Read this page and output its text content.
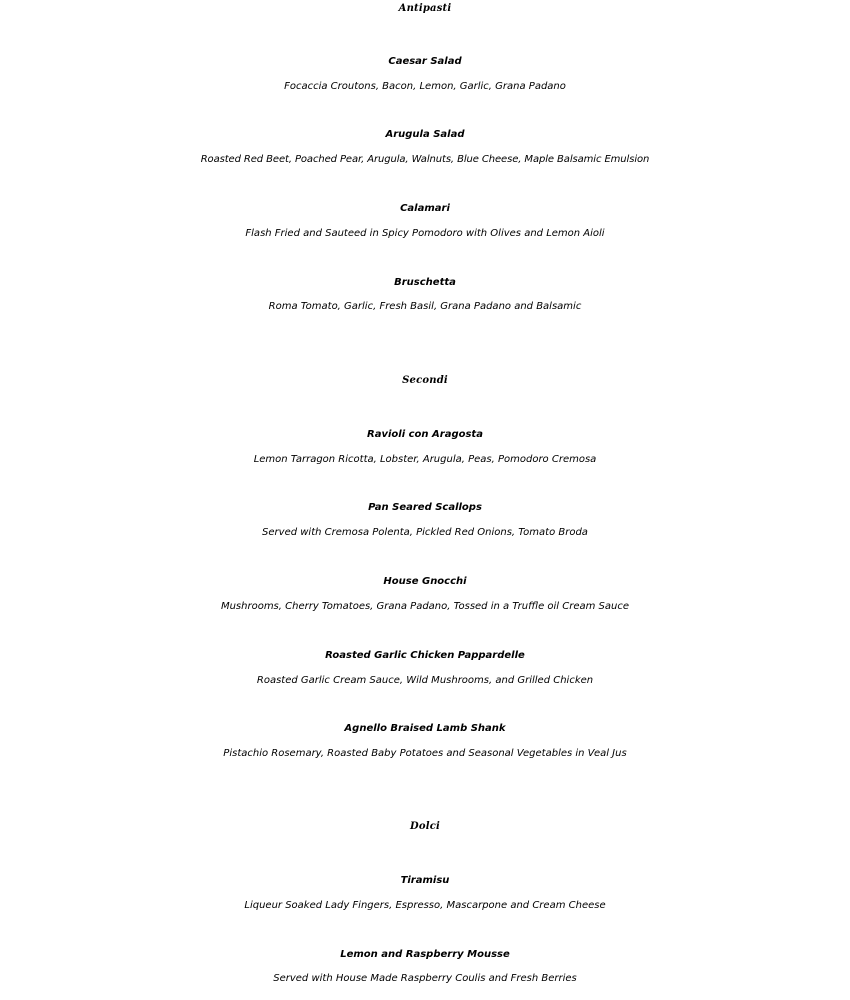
Antipasti
Caesar Salad
Focaccia Croutons, Bacon, Lemon, Garlic, Grana Padano
Arugula Salad
Roasted Red Beet, Poached Pear, Arugula, Walnuts, Blue Cheese, Maple Balsamic Emulsion
Calamari
Flash Fried and Sauteed in Spicy Pomodoro with Olives and Lemon Aioli
Bruschetta
Roma Tomato, Garlic, Fresh Basil, Grana Padano and Balsamic
Secondi
Ravioli con Aragosta
Lemon Tarragon Ricotta, Lobster, Arugula, Peas, Pomodoro Cremosa
Pan Seared Scallops
Served with Cremosa Polenta, Pickled Red Onions, Tomato Broda
House Gnocchi
Mushrooms, Cherry Tomatoes, Grana Padano, Tossed in a Truffle oil Cream Sauce
Roasted Garlic Chicken Pappardelle
Roasted Garlic Cream Sauce, Wild Mushrooms, and Grilled Chicken
Agnello Braised Lamb Shank
Pistachio Rosemary, Roasted Baby Potatoes and Seasonal Vegetables in Veal Jus
Dolci
Tiramisu
Liqueur Soaked Lady Fingers, Espresso, Mascarpone and Cream Cheese
Lemon and Raspberry Mousse
Served with House Made Raspberry Coulis and Fresh Berries
